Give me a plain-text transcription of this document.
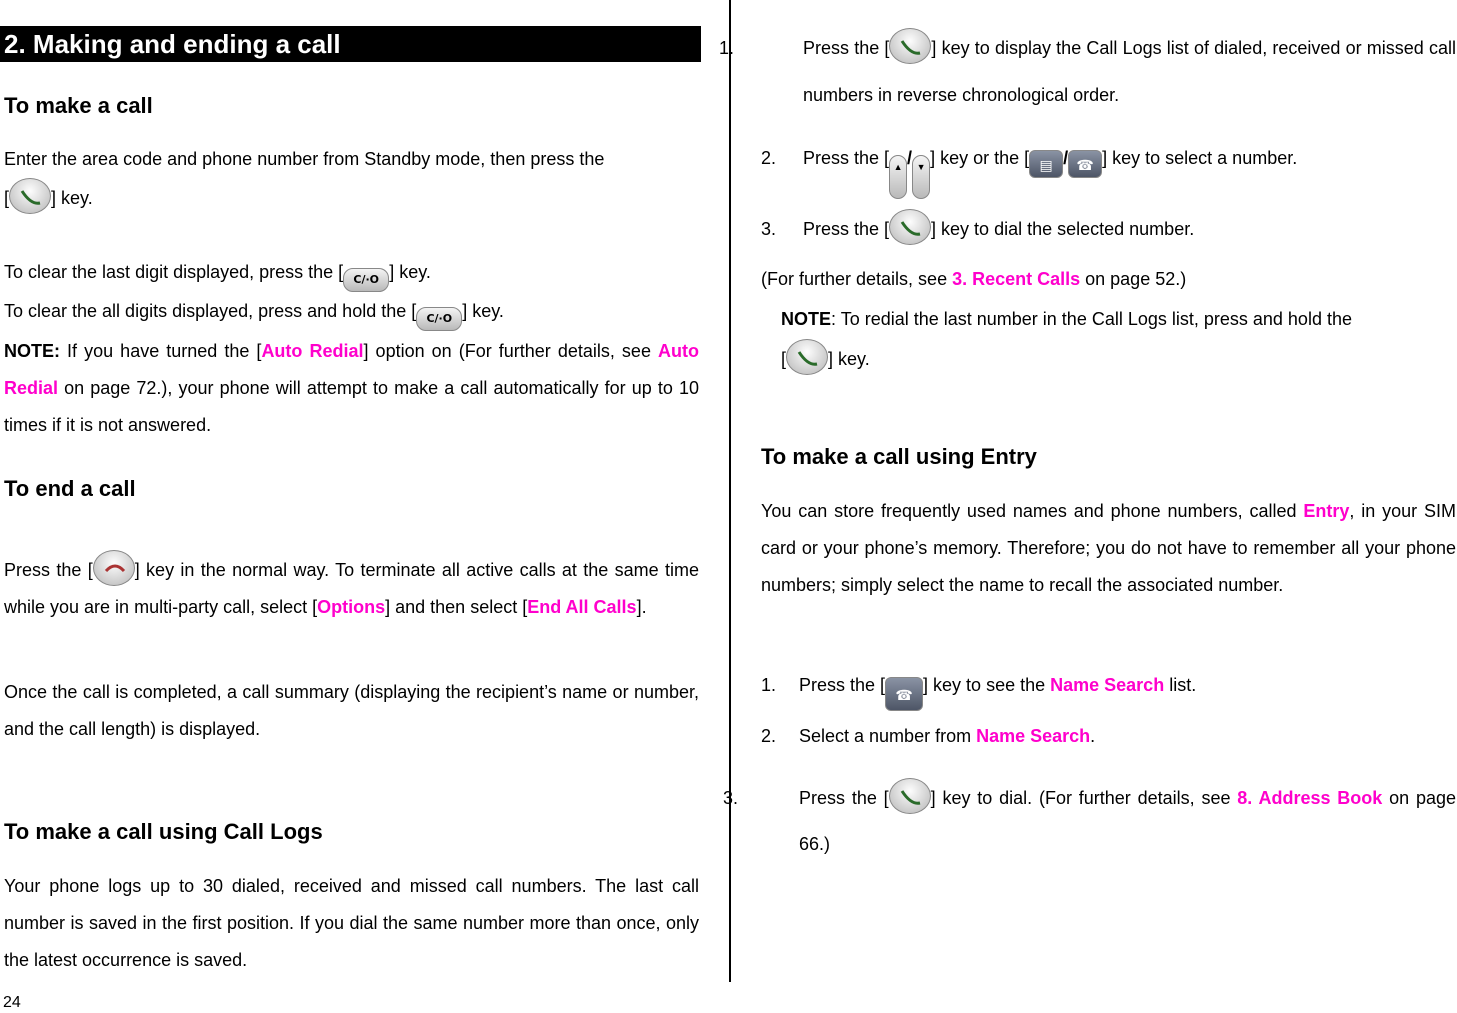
2. Making and ending a call
To make a call
Enter the area code and phone number from Standby mode, then press the
[ ] key.
To clear the last digit displayed, press the [ C/·O ] key.
To clear the all digits displayed, press and hold the [ C/·O ] key.
NOTE: If you have turned the [Auto Redial] option on (For further details, see Auto Redial on page 72.), your phone will attempt to make a call automatically for up to 10 times if it is not answered.
To end a call
Press the [ ] key in the normal way. To terminate all active calls at the same time while you are in multi-party call, select [Options] and then select [End All Calls].
Once the call is completed, a call summary (displaying the recipient’s name or number, and the call length) is displayed.
To make a call using Call Logs
Your phone logs up to 30 dialed, received and missed call numbers. The last call number is saved in the first position. If you dial the same number more than once, only the latest occurrence is saved.
1.	Press the [ ] key to display the Call Logs list of dialed, received or missed call numbers in reverse chronological order.
2. Press the [ ▲ / ▼ ] key or the [ ▤ / ☎ ] key to select a number.
3. Press the [ ] key to dial the selected number.
(For further details, see 3. Recent Calls on page 52.)
NOTE: To redial the last number in the Call Logs list, press and hold the
[ ] key.
To make a call using Entry
You can store frequently used names and phone numbers, called Entry, in your SIM card or your phone’s memory. Therefore; you do not have to remember all your phone numbers; simply select the name to recall the associated number.
1. Press the [ ☎ ] key to see the Name Search list.
2. Select a number from Name Search.
3.	Press the [ ] key to dial. (For further details, see 8. Address Book on page 66.)
24
